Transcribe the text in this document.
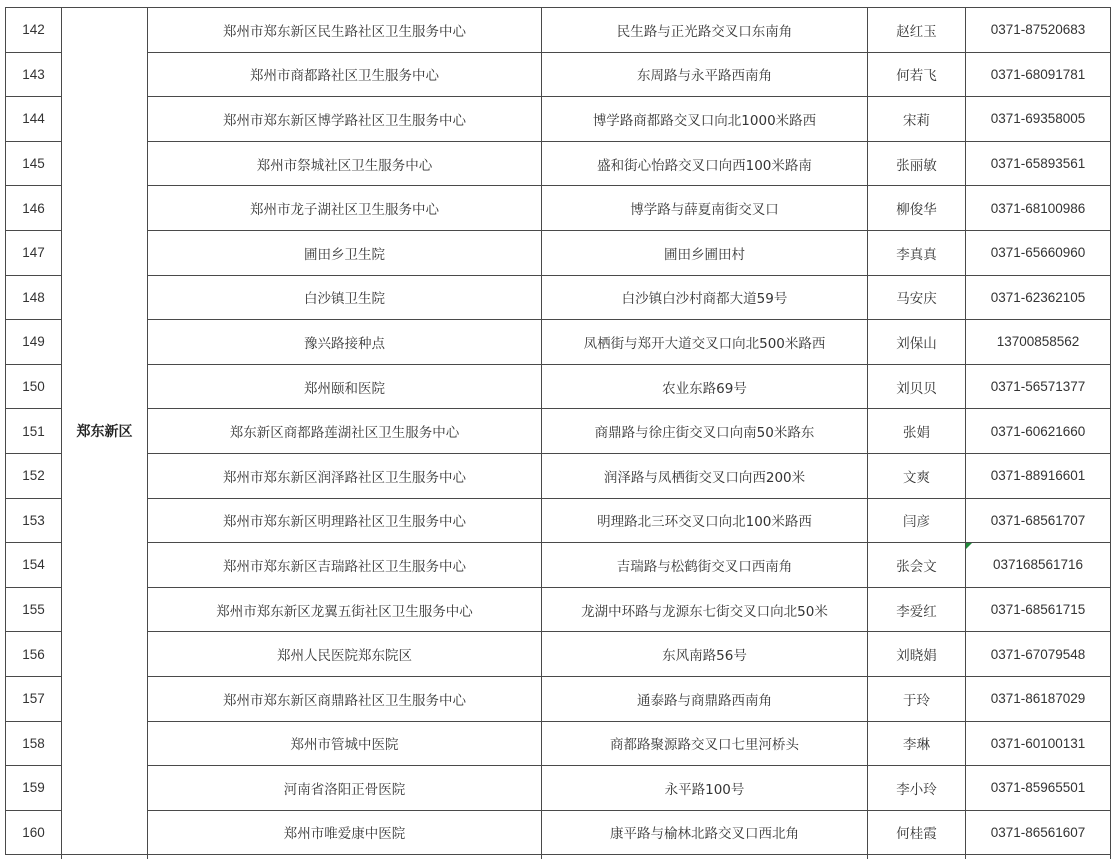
142	郑东新区	郑州市郑东新区民生路社区卫生服务中心	民生路与正光路交叉口东南角	赵红玉	0371-87520683
143		郑州市商都路社区卫生服务中心	东周路与永平路西南角	何若飞	0371-68091781
144		郑州市郑东新区博学路社区卫生服务中心	博学路商都路交叉口向北1000米路西	宋莉	0371-69358005
145		郑州市祭城社区卫生服务中心	盛和街心怡路交叉口向西100米路南	张丽敏	0371-65893561
146		郑州市龙子湖社区卫生服务中心	博学路与薛夏南街交叉口	柳俊华	0371-68100986
147		圃田乡卫生院	圃田乡圃田村	李真真	0371-65660960
148		白沙镇卫生院	白沙镇白沙村商都大道59号	马安庆	0371-62362105
149		豫兴路接种点	凤栖街与郑开大道交叉口向北500米路西	刘保山	13700858562
150		郑州颐和医院	农业东路69号	刘贝贝	0371-56571377
151		郑东新区商都路莲湖社区卫生服务中心	商鼎路与徐庄街交叉口向南50米路东	张娟	0371-60621660
152		郑州市郑东新区润泽路社区卫生服务中心	润泽路与凤栖街交叉口向西200米	文爽	0371-88916601
153		郑州市郑东新区明理路社区卫生服务中心	明理路北三环交叉口向北100米路西	闫彦	0371-68561707
154		郑州市郑东新区吉瑞路社区卫生服务中心	吉瑞路与松鹤街交叉口西南角	张会文	037168561716

155		郑州市郑东新区龙翼五街社区卫生服务中心	龙湖中环路与龙源东七街交叉口向北50米	李爱红	0371-68561715
156		郑州人民医院郑东院区	东风南路56号	刘晓娟	0371-67079548
157		郑州市郑东新区商鼎路社区卫生服务中心	通泰路与商鼎路西南角	于玲	0371-86187029
158		郑州市管城中医院	商都路聚源路交叉口七里河桥头	李琳	0371-60100131
159		河南省洛阳正骨医院	永平路100号	李小玲	0371-85965501
160		郑州市唯爱康中医院	康平路与榆林北路交叉口西北角	何桂霞	0371-86561607
